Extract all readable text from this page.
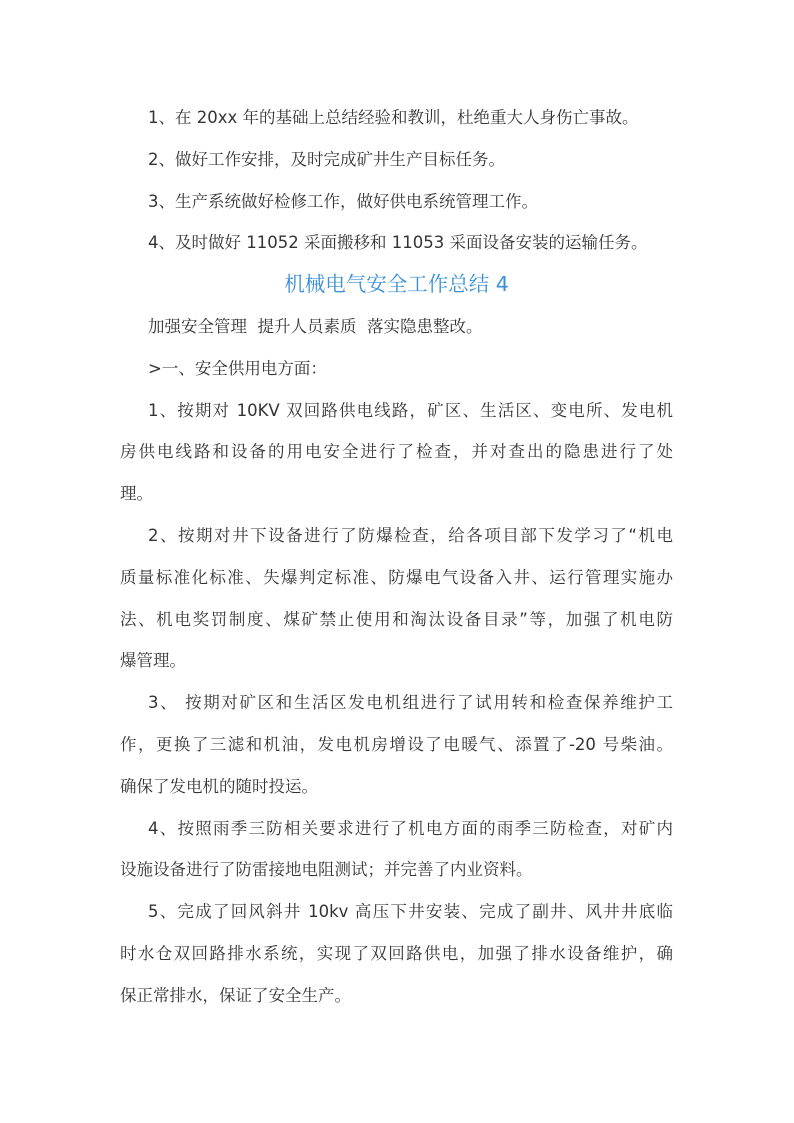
1、在 20xx 年的基础上总结经验和教训，杜绝重大人身伤亡事故。
2、做好工作安排，及时完成矿井生产目标任务。
3、生产系统做好检修工作，做好供电系统管理工作。
4、及时做好 11052 采面搬移和 11053 采面设备安装的运输任务。
机械电气安全工作总结 4
加强安全管理  提升人员素质  落实隐患整改。
>一、安全供用电方面：
1、按期对 10KV 双回路供电线路，矿区、生活区、变电所、发电机
房供电线路和设备的用电安全进行了检查，并对查出的隐患进行了处
理。
2、按期对井下设备进行了防爆检查，给各项目部下发学习了“机电
质量标准化标准、失爆判定标准、防爆电气设备入井、运行管理实施办
法、机电奖罚制度、煤矿禁止使用和淘汰设备目录”等，加强了机电防
爆管理。
3、 按期对矿区和生活区发电机组进行了试用转和检查保养维护工
作，更换了三滤和机油，发电机房增设了电暖气、添置了-20 号柴油。
确保了发电机的随时投运。
4、按照雨季三防相关要求进行了机电方面的雨季三防检查，对矿内
设施设备进行了防雷接地电阻测试；并完善了内业资料。
5、完成了回风斜井 10kv 高压下井安装、完成了副井、风井井底临
时水仓双回路排水系统，实现了双回路供电，加强了排水设备维护，确
保正常排水，保证了安全生产。
